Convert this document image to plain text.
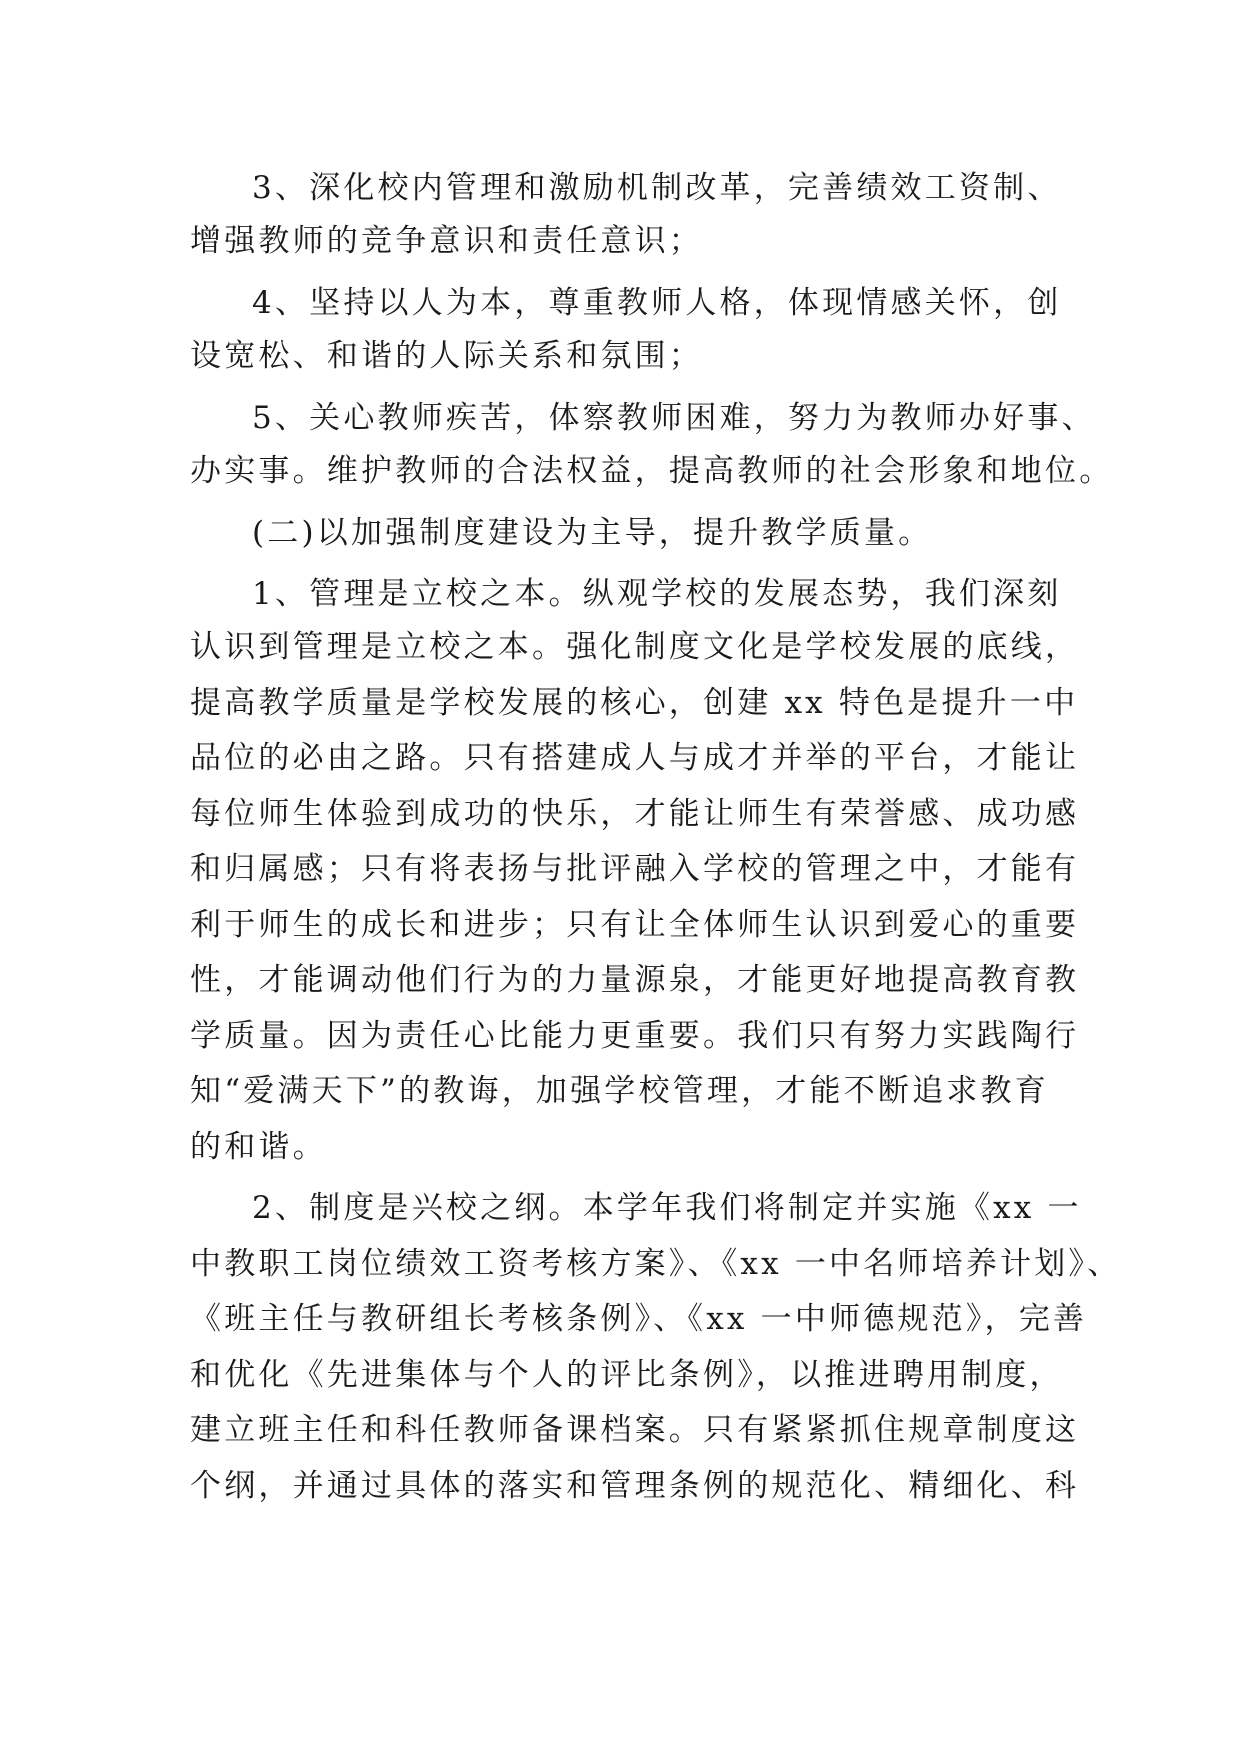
3、深化校内管理和激励机制改革，完善绩效工资制、
增强教师的竞争意识和责任意识；
4、坚持以人为本，尊重教师人格，体现情感关怀，创
设宽松、和谐的人际关系和氛围；
5、关心教师疾苦，体察教师困难，努力为教师办好事、
办实事。维护教师的合法权益，提高教师的社会形象和地位。
(二)以加强制度建设为主导，提升教学质量。
1、管理是立校之本。纵观学校的发展态势，我们深刻
认识到管理是立校之本。强化制度文化是学校发展的底线，
提高教学质量是学校发展的核心，创建 xx 特色是提升一中
品位的必由之路。只有搭建成人与成才并举的平台，才能让
每位师生体验到成功的快乐，才能让师生有荣誉感、成功感
和归属感；只有将表扬与批评融入学校的管理之中，才能有
利于师生的成长和进步；只有让全体师生认识到爱心的重要
性，才能调动他们行为的力量源泉，才能更好地提高教育教
学质量。因为责任心比能力更重要。我们只有努力实践陶行
知“爱满天下”的教诲，加强学校管理，才能不断追求教育
的和谐。
2、制度是兴校之纲。本学年我们将制定并实施《xx 一
中教职工岗位绩效工资考核方案》、《xx 一中名师培养计划》、
《班主任与教研组长考核条例》、《xx 一中师德规范》，完善
和优化《先进集体与个人的评比条例》，以推进聘用制度，
建立班主任和科任教师备课档案。只有紧紧抓住规章制度这
个纲，并通过具体的落实和管理条例的规范化、精细化、科
